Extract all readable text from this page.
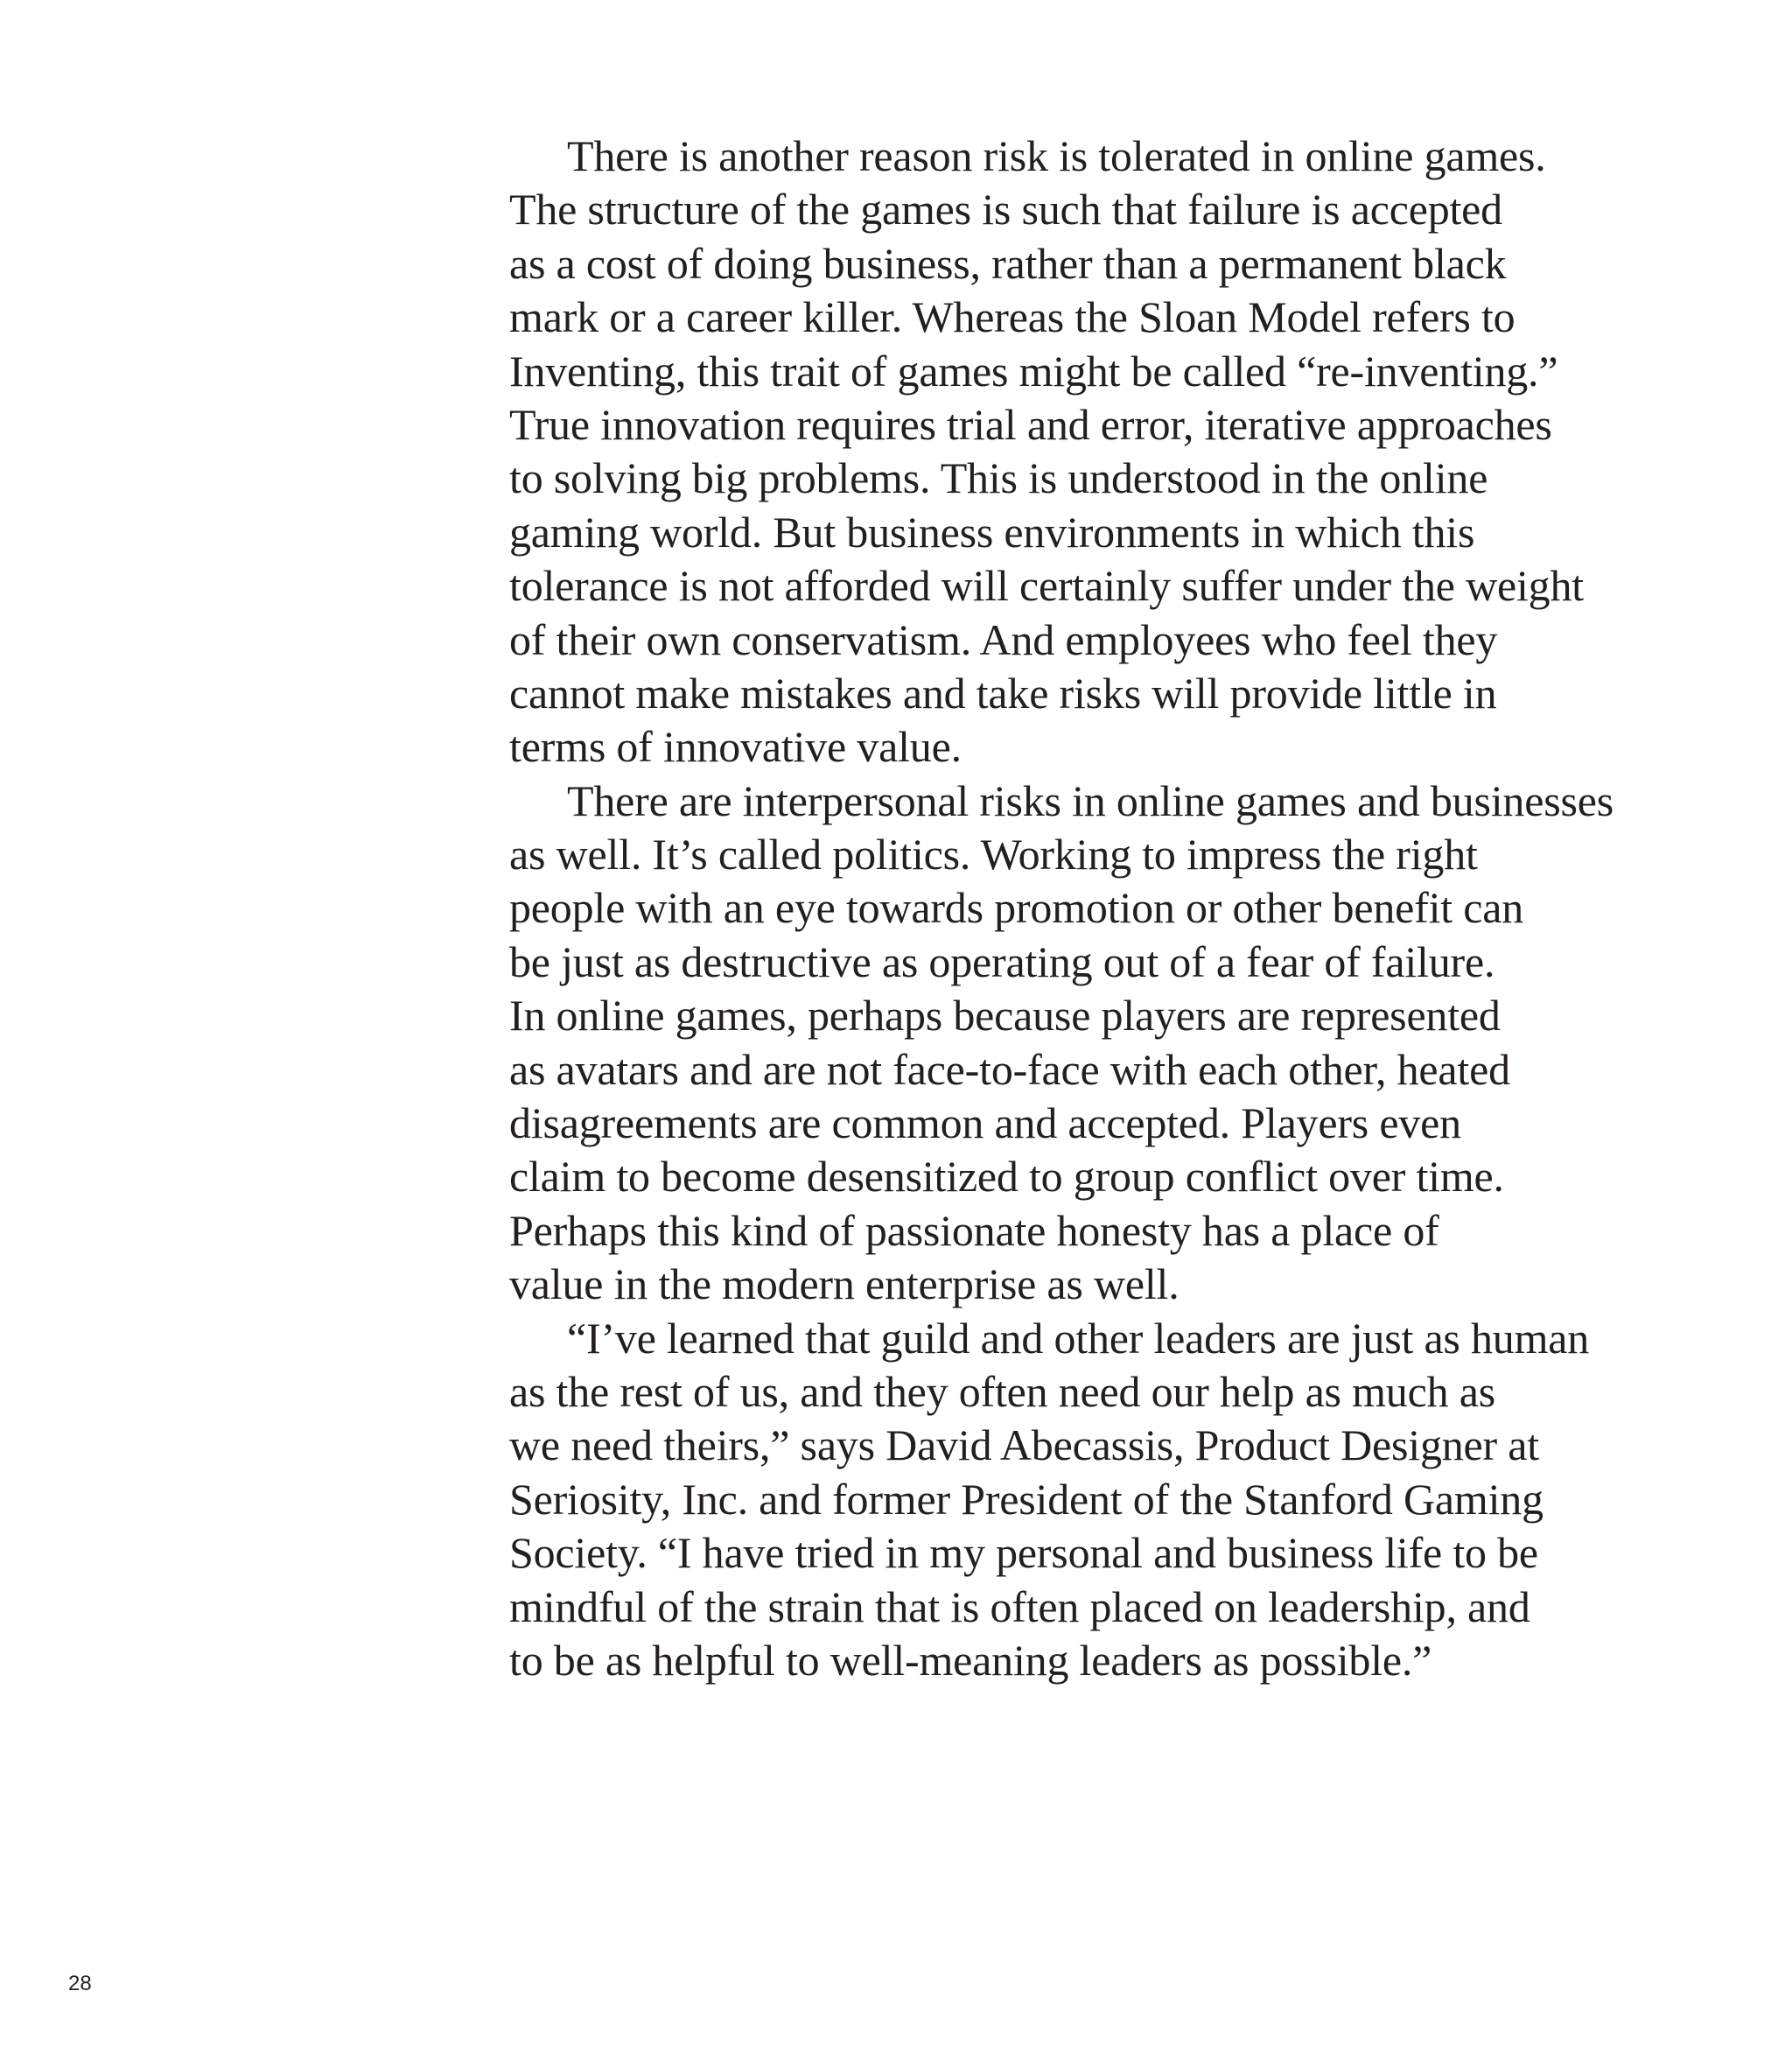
There is another reason risk is tolerated in online games.
The structure of the games is such that failure is accepted
as a cost of doing business, rather than a permanent black
mark or a career killer. Whereas the Sloan Model refers to
Inventing, this trait of games might be called “re-inventing.”
True innovation requires trial and error, iterative approaches
to solving big problems. This is understood in the online
gaming world. But business environments in which this
tolerance is not afforded will certainly suffer under the weight
of their own conservatism. And employees who feel they
cannot make mistakes and take risks will provide little in
terms of innovative value.
There are interpersonal risks in online games and businesses
as well. It’s called politics. Working to impress the right
people with an eye towards promotion or other benefit can
be just as destructive as operating out of a fear of failure.
In online games, perhaps because players are represented
as avatars and are not face-to-face with each other, heated
disagreements are common and accepted. Players even
claim to become desensitized to group conflict over time.
Perhaps this kind of passionate honesty has a place of
value in the modern enterprise as well.
“I’ve learned that guild and other leaders are just as human
as the rest of us, and they often need our help as much as
we need theirs,” says David Abecassis, Product Designer at
Seriosity, Inc. and former President of the Stanford Gaming
Society. “I have tried in my personal and business life to be
mindful of the strain that is often placed on leadership, and
to be as helpful to well-meaning leaders as possible.”
28
